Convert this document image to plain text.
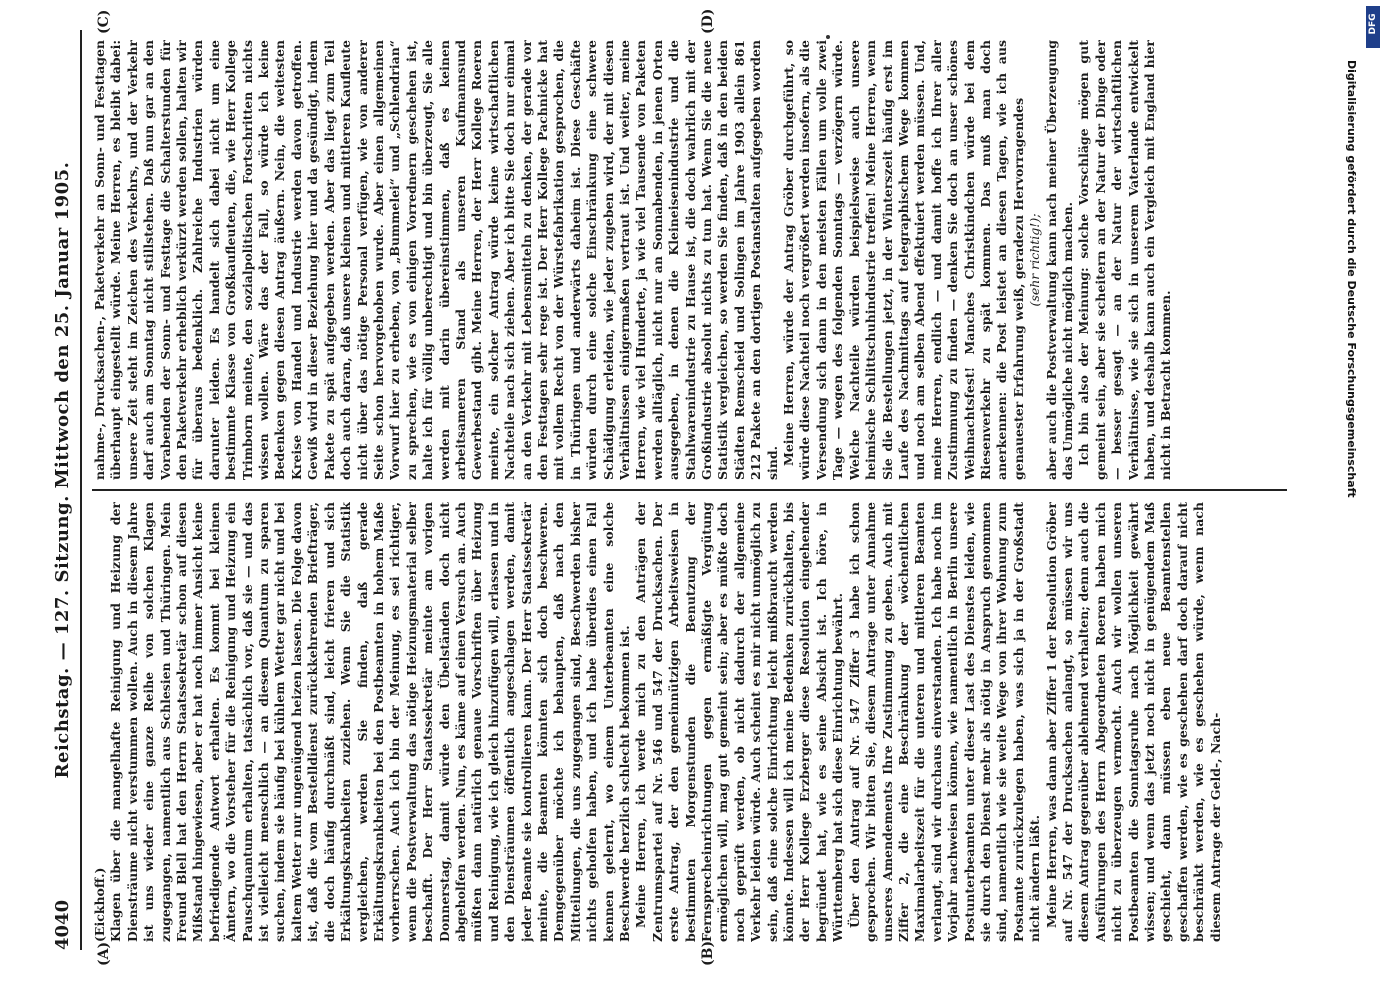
4040
Reichstag. — 127. Sitzung. Mittwoch den 25. Januar 1905.
(A)	(B)
(C)	(D)

(Eickhoff.) Klagen über die mangelhafte Reinigung und Heizung der Diensträume nicht verstummen wollen. Auch in diesem Jahre ist uns wieder eine ganze Reihe von solchen Klagen zugegangen, namentlich aus Schlesien und Thüringen. Mein Freund Blell hat den Herrn Staatssekretär schon auf diesen Mißstand hingewiesen, aber er hat noch immer Ansicht keine befriedigende Antwort erhalten. Es kommt bei kleinen Ämtern, wo die Vorsteher für die Reinigung und Heizung ein Pauschquantum erhalten, tatsächlich vor, daß sie — und das ist vielleicht menschlich — an diesem Quantum zu sparen suchen, indem sie häufig bei kühlem Wetter gar nicht und bei kaltem Wetter nur ungenügend heizen lassen. Die Folge davon ist, daß die vom Bestelldienst zurückkehrenden Briefträger, die doch häufig durchnäßt sind, leicht frieren und sich Erkältungskrankheiten zuziehen. Wenn Sie die Statistik vergleichen, werden Sie finden, daß gerade Erkältungskrankheiten bei den Postbeamten in hohem Maße vorherrschen. Auch ich bin der Meinung, es sei richtiger, wenn die Postverwaltung das nötige Heizungsmaterial selber beschafft. Der Herr Staatssekretär meinte am vorigen Donnerstag, damit würde den Übelständen doch nicht abgeholfen werden. Nun, es käme auf einen Versuch an. Auch müßten dann natürlich genaue Vorschriften über Heizung und Reinigung, wie ich gleich hinzufügen will, erlassen und in den Diensträumen öffentlich angeschlagen werden, damit jeder Beamte sie kontrollieren kann. Der Herr Staatssekretär meinte, die Beamten könnten sich doch beschweren. Demgegenüber möchte ich behaupten, daß nach den Mitteilungen, die uns zugegangen sind, Beschwerden bisher nichts geholfen haben, und ich habe überdies einen Fall kennen gelernt, wo einem Unterbeamten eine solche Beschwerde herzlich schlecht bekommen ist. Meine Herren, ich werde mich zu den Anträgen der Zentrumspartei auf Nr. 546 und 547 der Drucksachen. Der erste Antrag, der den gemeinnützigen Arbeitsweisen in bestimmten Morgenstunden die Benutzung der Fernsprecheinrichtungen gegen ermäßigte Vergütung ermöglichen will, mag gut gemeint sein; aber es müßte doch noch geprüft werden, ob nicht dadurch der allgemeine Verkehr leiden würde. Auch scheint es mir nicht unmöglich zu sein, daß eine solche Einrichtung leicht mißbraucht werden könnte. Indessen will ich meine Bedenken zurückhalten, bis der Herr Kollege Erzberger diese Resolution eingehender begründet hat, wie es seine Absicht ist. Ich höre, in Württemberg hat sich diese Einrichtung bewährt. Über den Antrag auf Nr. 547 Ziffer 3 habe ich schon gesprochen. Wir bitten Sie, diesem Antrage unter Annahme unseres Amendements Ihre Zustimmung zu geben. Auch mit Ziffer 2, die eine Beschränkung der wöchentlichen Maximalarbeitszeit für die unteren und mittleren Beamten verlangt, sind wir durchaus einverstanden. Ich habe noch im Vorjahr nachweisen können, wie namentlich in Berlin unsere Postunterbeamten unter dieser Last des Dienstes leiden, wie sie durch den Dienst mehr als nötig in Anspruch genommen sind, namentlich wie sie weite Wege von ihrer Wohnung zum Postamte zurückzulegen haben, was sich ja in der Großstadt nicht ändern läßt. Meine Herren, was dann aber Ziffer 1 der Resolution Gröber auf Nr. 547 der Drucksachen anlangt, so müssen wir uns diesem Antrag gegenüber ablehnend verhalten; denn auch die Ausführungen des Herrn Abgeordneten Roeren haben mich nicht zu überzeugen vermocht. Auch wir wollen unseren Postbeamten die Sonntagsruhe nach Möglichkeit gewährt wissen; und wenn das jetzt noch nicht in genügendem Maß geschieht, dann müssen eben neue Beamtenstellen geschaffen werden, wie es geschehen darf doch darauf nicht beschränkt werden, wie es geschehen würde, wenn nach diesem Antrage der Geld-, Nach-

nahme-, Drucksachen-, Paketverkehr an Sonn- und Festtagen überhaupt eingestellt würde. Meine Herren, es bleibt dabei: unsere Zeit steht im Zeichen des Verkehrs, und der Verkehr darf auch am Sonntag nicht stillstehen. Daß nun gar an den Vorabenden der Sonn- und Festtage die Schalterstunden für den Paketverkehr erheblich verkürzt werden sollen, halten wir für überaus bedenklich. Zahlreiche Industrien würden darunter leiden. Es handelt sich dabei nicht um eine bestimmte Klasse von Großkaufleuten, die, wie Herr Kollege Trimborn meinte, den sozialpolitischen Fortschritten nichts wissen wollen. Wäre das der Fall, so würde ich keine Bedenken gegen diesen Antrag äußern. Nein, die weitesten Kreise von Handel und Industrie werden davon getroffen. Gewiß wird in dieser Beziehung hier und da gesündigt, indem Pakete zu spät aufgegeben werden. Aber das liegt zum Teil doch auch daran, daß unsere kleinen und mittleren Kaufleute nicht über das nötige Personal verfügen, wie von anderer Seite schon hervorgehoben wurde. Aber einen allgemeinen Vorwurf hier zu erheben, von „Bummelei“ und „Schlendrian“ zu sprechen, wie es von einigen Vorrednern geschehen ist, halte ich für völlig unberechtigt und bin überzeugt, Sie alle werden mit darin übereinstimmen, daß es keinen arbeitsameren Stand als unseren Kaufmannsund Gewerbestand gibt. Meine Herren, der Herr Kollege Roeren meinte, ein solcher Antrag würde keine wirtschaftlichen Nachteile nach sich ziehen. Aber ich bitte Sie doch nur einmal an den Verkehr mit Lebensmitteln zu denken, der gerade vor den Festtagen sehr rege ist. Der Herr Kollege Pachnicke hat mit vollem Recht von der Würstefabrikation gesprochen, die in Thüringen und anderwärts daheim ist. Diese Geschäfte würden durch eine solche Einschränkung eine schwere Schädigung erleiden, wie jeder zugeben wird, der mit diesen Verhältnissen einigermaßen vertraut ist. Und weiter, meine Herren, wie viel Hunderte, ja wie viel Tausende von Paketen werden alltäglich, nicht nur an Sonnabenden, in jenen Orten ausgegeben, in denen die Kleineisenindustrie und die Stahlwarenindustrie zu Hause ist, die doch wahrlich mit der Großindustrie absolut nichts zu tun hat. Wenn Sie die neue Statistik vergleichen, so werden Sie finden, daß in den beiden Städten Remscheid und Solingen im Jahre 1903 allein 861 212 Pakete an den dortigen Postanstalten aufgegeben worden sind. Meine Herren, würde der Antrag Gröber durchgeführt, so würde diese Nachteil noch vergrößert werden insofern, als die Versendung sich dann in den meisten Fällen um volle zwei Tage — wegen des folgenden Sonntags — verzögern würde. Welche Nachteile würden beispielsweise auch unsere heimische Schlittschuhindustrie treffen! Meine Herren, wenn Sie die Bestellungen jetzt, in der Winterszeit häufig erst im Laufe des Nachmittags auf telegraphischem Wege kommen und noch am selben Abend effektuiert werden müssen. Und, meine Herren, endlich — und damit hoffe ich Ihrer aller Zustimmung zu finden — denken Sie doch an unser schönes Weihnachtsfest! Manches Christkindchen würde bei dem Riesenverkehr zu spät kommen. Das muß man doch anerkennen: die Post leistet an diesen Tagen, wie ich aus genauester Erfahrung weiß, geradezu Hervorragendes (sehr richtig!); aber auch die Postverwaltung kann nach meiner Überzeugung das Unmögliche nicht möglich machen. Ich bin also der Meinung: solche Vorschläge mögen gut gemeint sein, aber sie scheitern an der Natur der Dinge oder — besser gesagt — an der Natur der wirtschaftlichen Verhältnisse, wie sie sich in unserem Vaterlande entwickelt haben, und deshalb kann auch ein Vergleich mit England hier nicht in Betracht kommen.	Digitalisierung gefördert durch die Deutsche Forschungsgemeinschaft
DFG
